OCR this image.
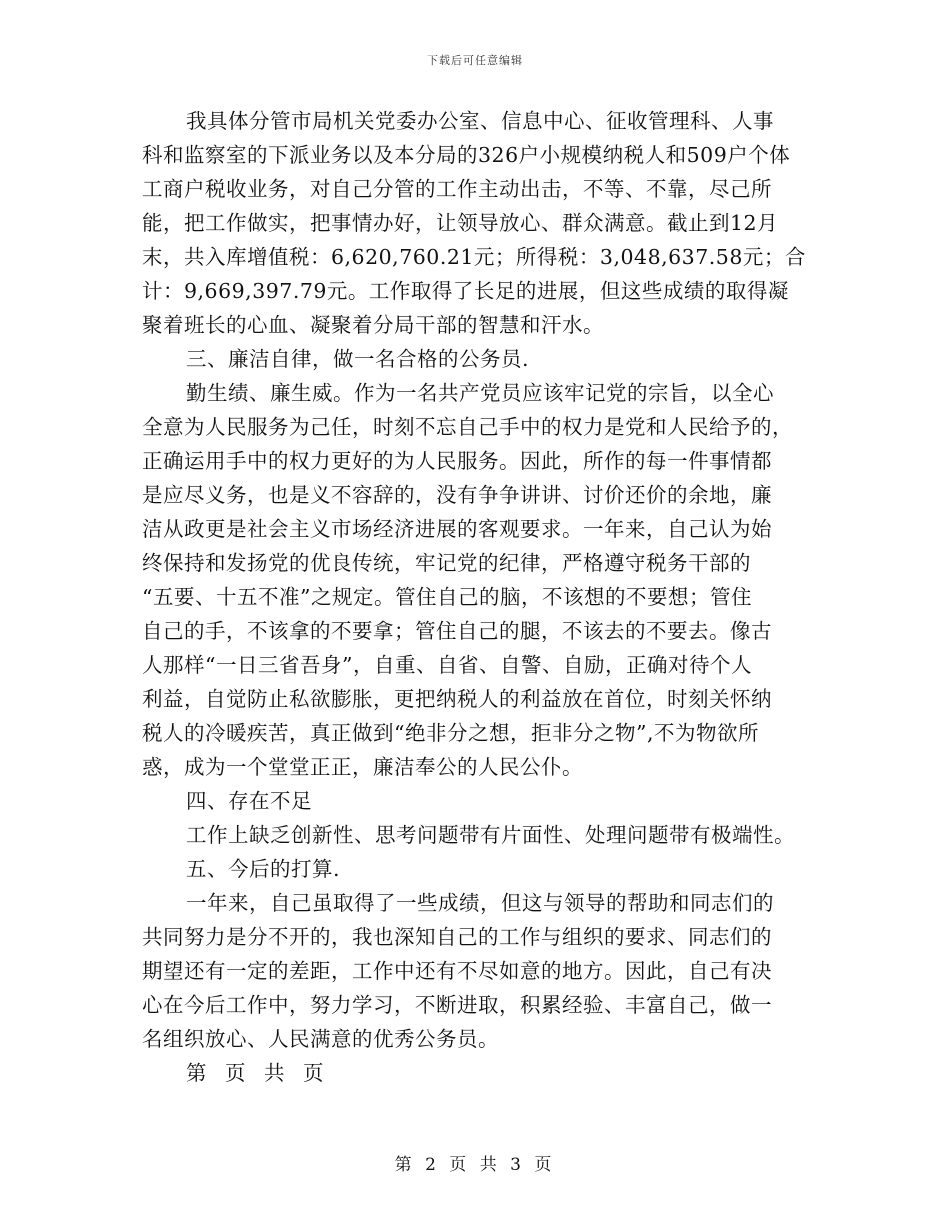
下载后可任意编辑
我具体分管市局机关党委办公室、信息中心、征收管理科、人事
科和监察室的下派业务以及本分局的326户小规模纳税人和509户个体
工商户税收业务，对自己分管的工作主动出击，不等、不靠，尽己所
能，把工作做实，把事情办好，让领导放心、群众满意。截止到12月
末，共入库增值税：6,620,760.21元；所得税：3,048,637.58元；合
计：9,669,397.79元。工作取得了长足的进展，但这些成绩的取得凝
聚着班长的心血、凝聚着分局干部的智慧和汗水。
三、廉洁自律，做一名合格的公务员.
勤生绩、廉生威。作为一名共产党员应该牢记党的宗旨，以全心
全意为人民服务为己任，时刻不忘自己手中的权力是党和人民给予的，
正确运用手中的权力更好的为人民服务。因此，所作的每一件事情都
是应尽义务，也是义不容辞的，没有争争讲讲、讨价还价的余地，廉
洁从政更是社会主义市场经济进展的客观要求。一年来，自己认为始
终保持和发扬党的优良传统，牢记党的纪律，严格遵守税务干部的
“五要、十五不准”之规定。管住自己的脑，不该想的不要想；管住
自己的手，不该拿的不要拿；管住自己的腿，不该去的不要去。像古
人那样“一日三省吾身”，自重、自省、自警、自励，正确对待个人
利益，自觉防止私欲膨胀，更把纳税人的利益放在首位，时刻关怀纳
税人的冷暖疾苦，真正做到“绝非分之想，拒非分之物”,不为物欲所
惑，成为一个堂堂正正，廉洁奉公的人民公仆。
四、存在不足
工作上缺乏创新性、思考问题带有片面性、处理问题带有极端性。
五、今后的打算.
一年来，自己虽取得了一些成绩，但这与领导的帮助和同志们的
共同努力是分不开的，我也深知自己的工作与组织的要求、同志们的
期望还有一定的差距，工作中还有不尽如意的地方。因此，自己有决
心在今后工作中，努力学习，不断进取，积累经验、丰富自己，做一
名组织放心、人民满意的优秀公务员。
第 页 共 页
第 2 页 共 3 页
